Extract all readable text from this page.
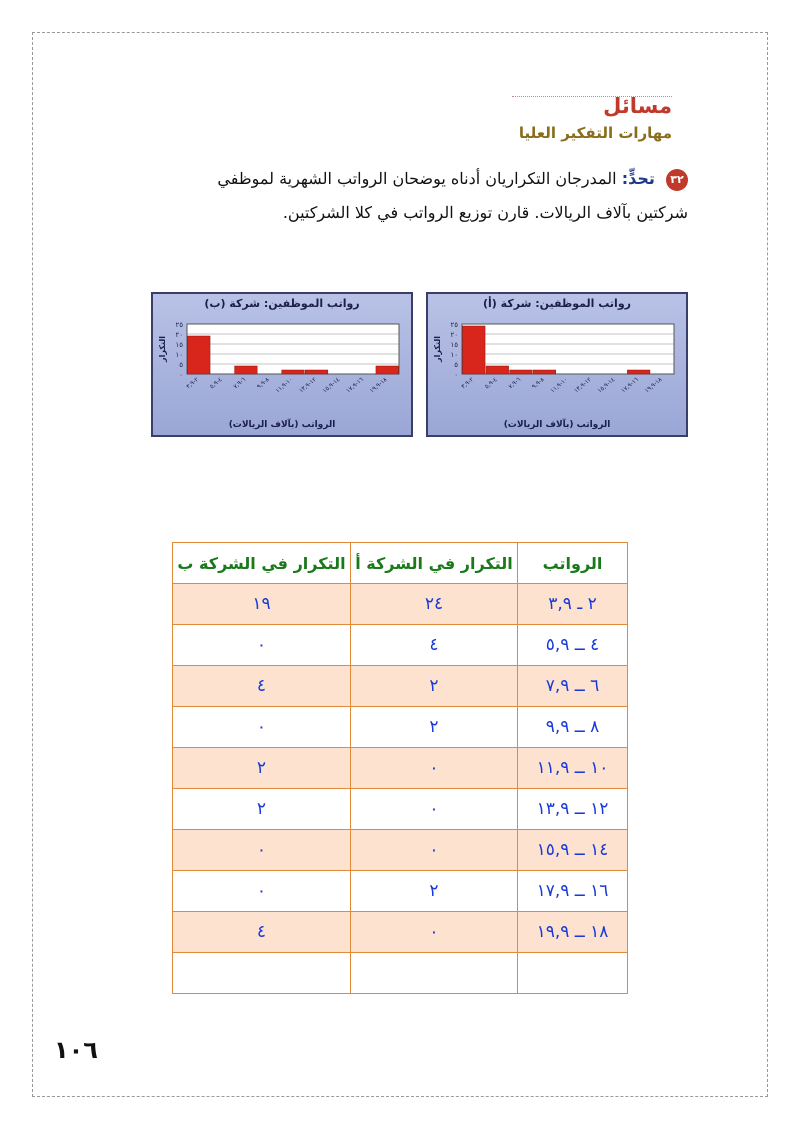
مسائل
مهارات التفكير العليا
٣٢ تحدٍّ: المدرجان التكراريان أدناه يوضحان الرواتب الشهرية لموظفي شركتين بآلاف الريالات. قارن توزيع الرواتب في كلا الشركتين.
رواتب الموظفين: شركة (أ)
٠
٥
١٠
١٥
٢٠
٢٥
التكرار
٢-٣,٩ ٤-٥,٩ ٦-٧,٩ ٨-٩,٩
١٠-١١,٩
١٢-١٣,٩
١٤-١٥,٩
١٦-١٧,٩
١٨-١٩,٩
الرواتب (بآلاف الريالات)
رواتب الموظفين: شركة (ب)
٠
٥
١٠
١٥
٢٠
٢٥
التكرار
٢-٣,٩ ٤-٥,٩ ٦-٧,٩ ٨-٩,٩
١٠-١١,٩
١٢-١٣,٩
١٤-١٥,٩
١٦-١٧,٩
١٨-١٩,٩
الرواتب (بآلاف الريالات)
الرواتب	التكرار في الشركة أ	التكرار في الشركة ب
٢ ـ ٣,٩	٢٤	١٩
٤ ــ ٥,٩	٤	٠
٦ ــ ٧,٩	٢	٤
٨ ــ ٩,٩	٢	٠
١٠ ــ ١١,٩	٠	٢
١٢ ــ ١٣,٩	٠	٢
١٤ ــ ١٥,٩	٠	٠
١٦ ــ ١٧,٩	٢	٠
١٨ ــ ١٩,٩	٠	٤

١٠٦
